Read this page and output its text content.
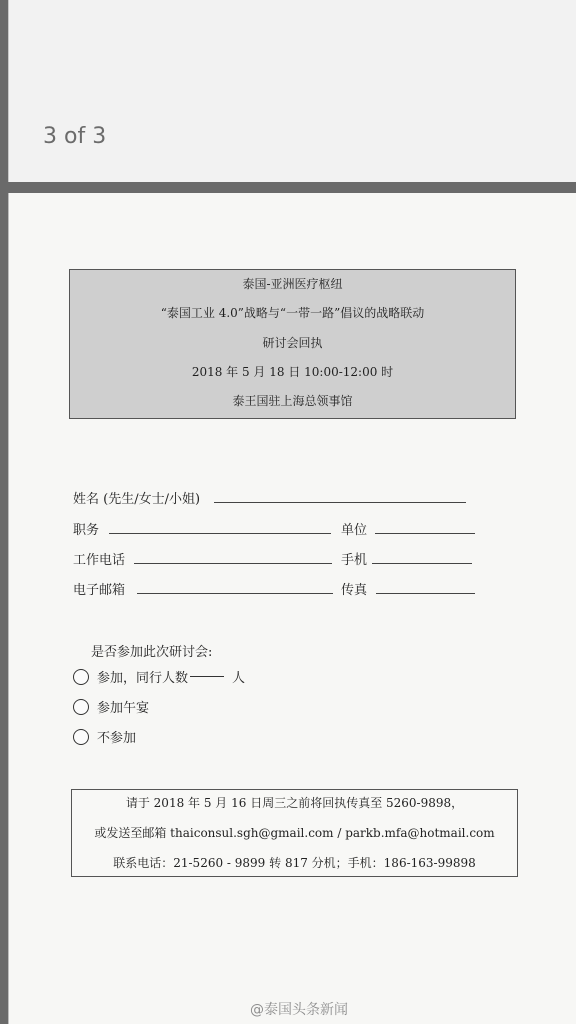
3 of 3
泰国-亚洲医疗枢纽
“泰国工业 4.0”战略与“一带一路”倡议的战略联动
研讨会回执
2018 年 5 月 18 日 10:00-12:00 时
泰王国驻上海总领事馆
姓名 (先生/女士/小姐)
职务	单位
工作电话	手机
电子邮箱	传真
是否参加此次研讨会:
参加，同行人数	人
参加午宴
不参加
请于 2018 年 5 月 16 日周三之前将回执传真至 5260-9898，
或发送至邮箱 thaiconsul.sgh@gmail.com / parkb.mfa@hotmail.com
联系电话：21-5260 - 9899 转 817 分机；手机：186-163-99898
@泰国头条新闻
